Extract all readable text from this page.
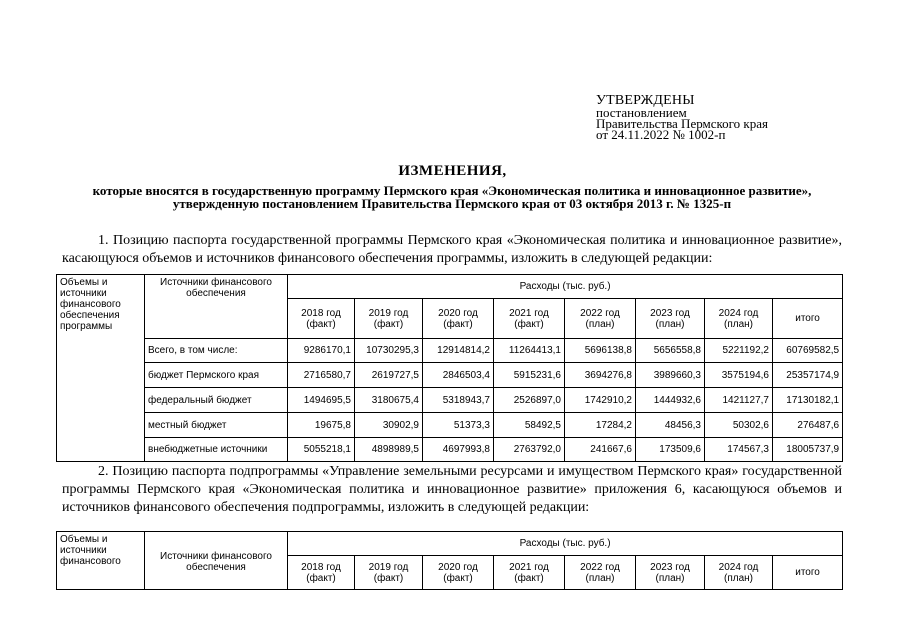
УТВЕРЖДЕНЫ
постановлением
Правительства Пермского края
от 24.11.2022 № 1002-п
ИЗМЕНЕНИЯ,
которые вносятся в государственную программу Пермского края «Экономическая политика и инновационное развитие», утвержденную постановлением Правительства Пермского края от 03 октября 2013 г. № 1325-п
1. Позицию паспорта государственной программы Пермского края «Экономическая политика и инновационное развитие», касающуюся объемов и источников финансового обеспечения программы, изложить в следующей редакции:
Объемы и источники финансового обеспечения программы	Источники финансового обеспечения	Расходы (тыс. руб.)							
		2018 год (факт)	2019 год (факт)	2020 год (факт)	2021 год (факт)	2022 год (план)	2023 год (план)	2024 год (план)	итого
	Всего, в том числе:	9286170,1	10730295,3	12914814,2	11264413,1	5696138,8	5656558,8	5221192,2	60769582,5
	бюджет Пермского края	2716580,7	2619727,5	2846503,4	5915231,6	3694276,8	3989660,3	3575194,6	25357174,9
	федеральный бюджет	1494695,5	3180675,4	5318943,7	2526897,0	1742910,2	1444932,6	1421127,7	17130182,1
	местный бюджет	19675,8	30902,9	51373,3	58492,5	17284,2	48456,3	50302,6	276487,6
	внебюджетные источники	5055218,1	4898989,5	4697993,8	2763792,0	241667,6	173509,6	174567,3	18005737,9
2. Позицию паспорта подпрограммы «Управление земельными ресурсами и имуществом Пермского края» государственной программы Пермского края «Экономическая политика и инновационное развитие» приложения 6, касающуюся объемов и источников финансового обеспечения подпрограммы, изложить в следующей редакции:
Объемы и источники финансового	Источники финансового обеспечения	Расходы (тыс. руб.)							
		2018 год (факт)	2019 год (факт)	2020 год (факт)	2021 год (факт)	2022 год (план)	2023 год (план)	2024 год (план)	итого
